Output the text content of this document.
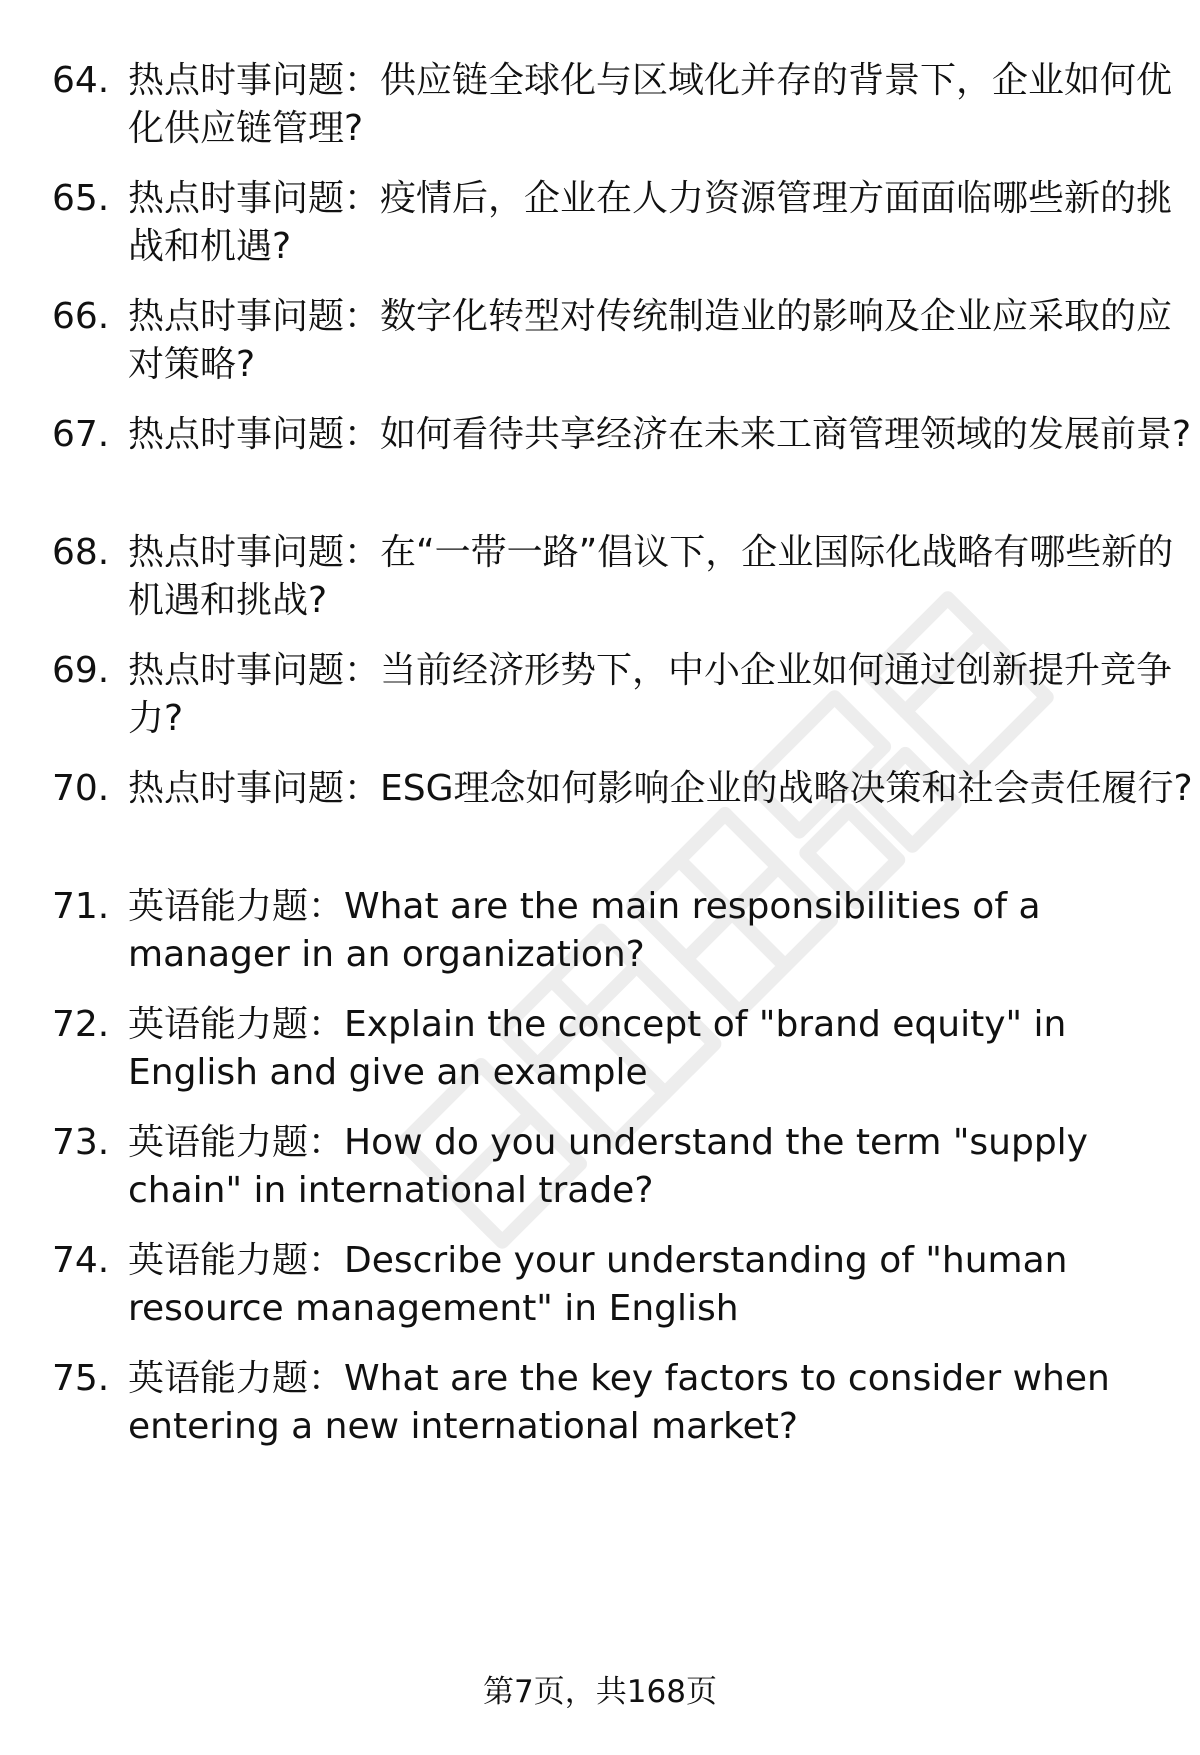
64. 热点时事问题：供应链全球化与区域化并存的背景下，企业如何优化供应链管理?
65. 热点时事问题：疫情后，企业在人力资源管理方面面临哪些新的挑战和机遇?
66. 热点时事问题：数字化转型对传统制造业的影响及企业应采取的应对策略?
67. 热点时事问题：如何看待共享经济在未来工商管理领域的发展前景?
68. 热点时事问题：在“一带一路”倡议下，企业国际化战略有哪些新的机遇和挑战?
69. 热点时事问题：当前经济形势下，中小企业如何通过创新提升竞争力?
70. 热点时事问题：ESG理念如何影响企业的战略决策和社会责任履行?
71. 英语能力题：What are the main responsibilities of a manager in an organization?
72. 英语能力题：Explain the concept of "brand equity" in English and give an example
73. 英语能力题：How do you understand the term "supply chain" in international trade?
74. 英语能力题：Describe your understanding of "human resource management" in English
75. 英语能力题：What are the key factors to consider when entering a new international market?
第7页，共168页
